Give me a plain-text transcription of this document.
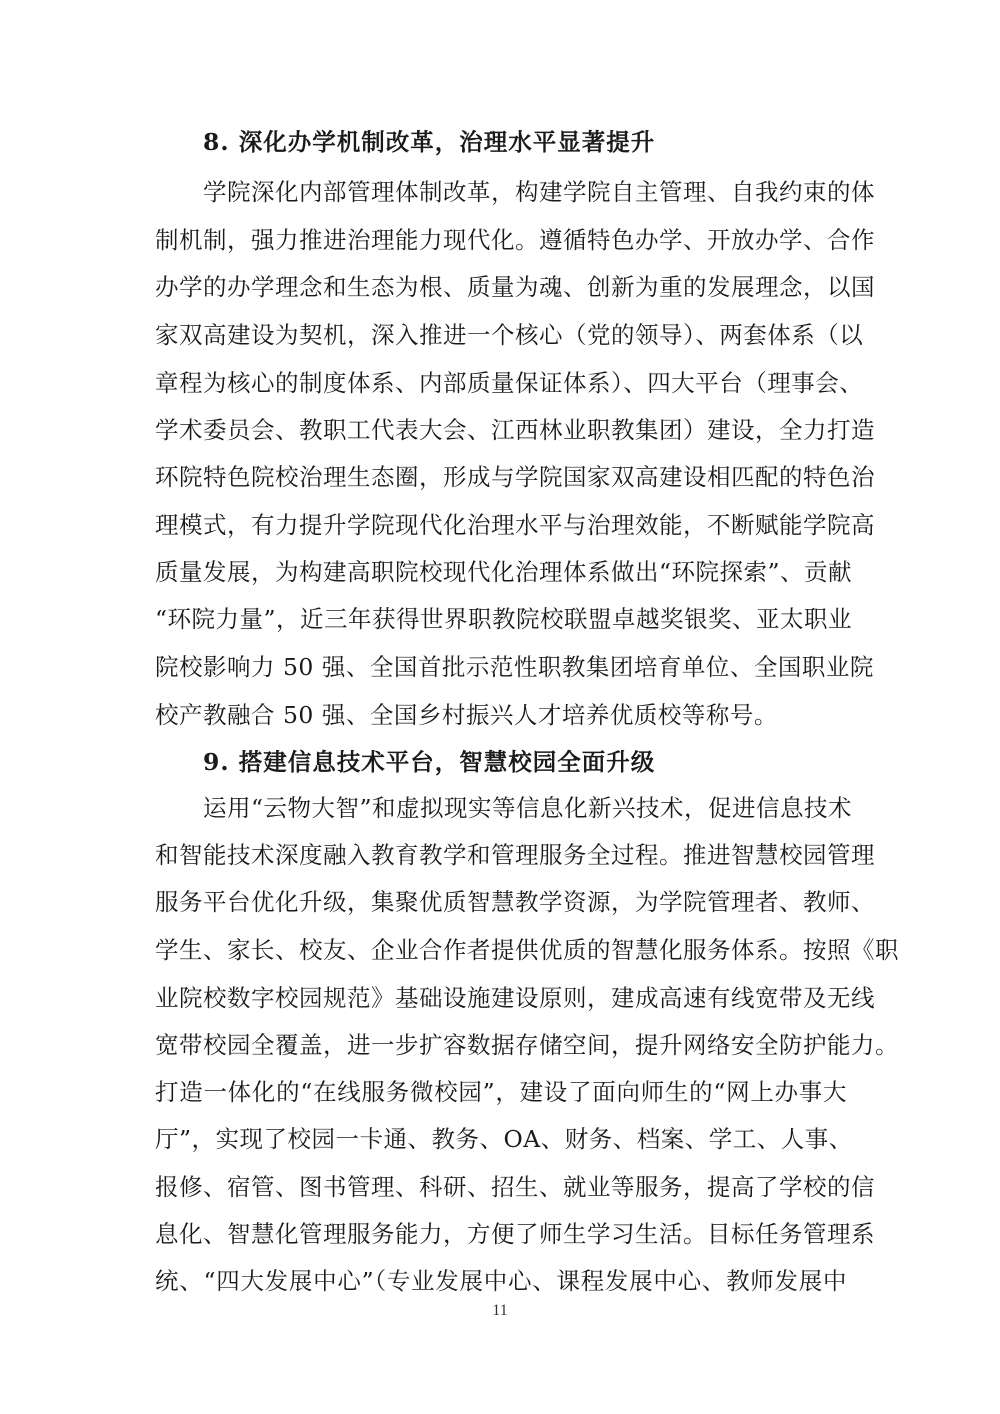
8. 深化办学机制改革，治理水平显著提升
学院深化内部管理体制改革，构建学院自主管理、自我约束的体
制机制，强力推进治理能力现代化。遵循特色办学、开放办学、合作
办学的办学理念和生态为根、质量为魂、创新为重的发展理念，以国
家双高建设为契机，深入推进一个核心（党的领导）、两套体系（以
章程为核心的制度体系、内部质量保证体系）、四大平台（理事会、
学术委员会、教职工代表大会、江西林业职教集团）建设，全力打造
环院特色院校治理生态圈，形成与学院国家双高建设相匹配的特色治
理模式，有力提升学院现代化治理水平与治理效能，不断赋能学院高
质量发展，为构建高职院校现代化治理体系做出“环院探索”、贡献
“环院力量”，近三年获得世界职教院校联盟卓越奖银奖、亚太职业
院校影响力 50 强、全国首批示范性职教集团培育单位、全国职业院
校产教融合 50 强、全国乡村振兴人才培养优质校等称号。
9. 搭建信息技术平台，智慧校园全面升级
运用“云物大智”和虚拟现实等信息化新兴技术，促进信息技术
和智能技术深度融入教育教学和管理服务全过程。推进智慧校园管理
服务平台优化升级，集聚优质智慧教学资源，为学院管理者、教师、
学生、家长、校友、企业合作者提供优质的智慧化服务体系。按照《职
业院校数字校园规范》基础设施建设原则，建成高速有线宽带及无线
宽带校园全覆盖，进一步扩容数据存储空间，提升网络安全防护能力。
打造一体化的“在线服务微校园”，建设了面向师生的“网上办事大
厅”，实现了校园一卡通、教务、OA、财务、档案、学工、人事、
报修、宿管、图书管理、科研、招生、就业等服务，提高了学校的信
息化、智慧化管理服务能力，方便了师生学习生活。目标任务管理系
统、“四大发展中心”（专业发展中心、课程发展中心、教师发展中
11
